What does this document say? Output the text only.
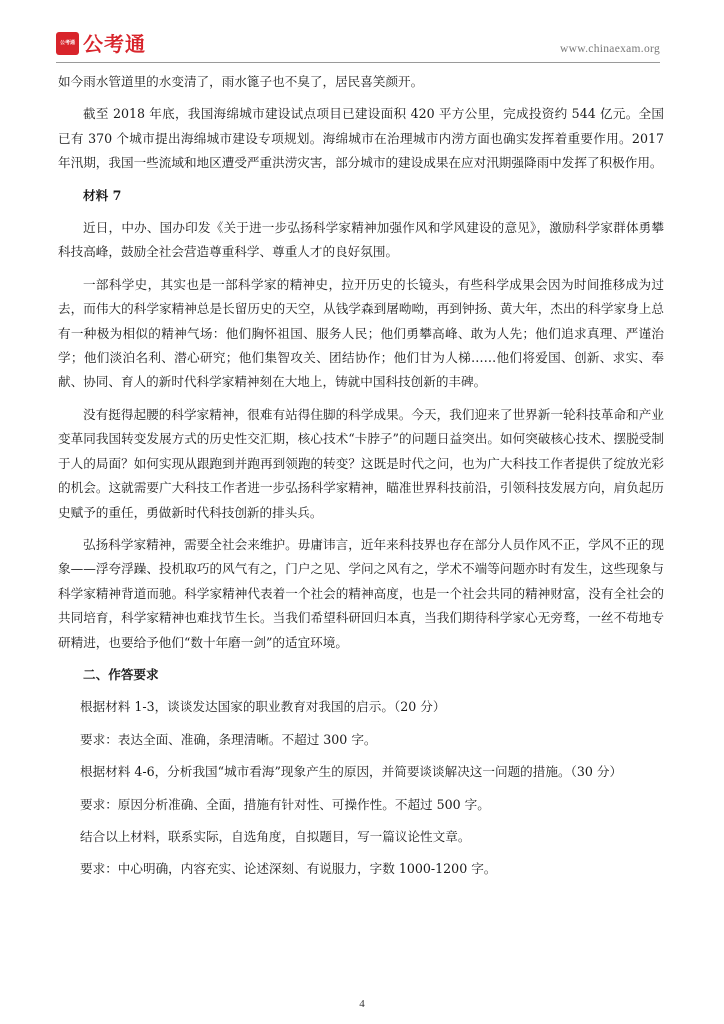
公考通 公考通	www.chinaexam.org

如今雨水管道里的水变清了，雨水篦子也不臭了，居民喜笑颜开。

截至 2018 年底，我国海绵城市建设试点项目已建设面积 420 平方公里，完成投资约 544 亿元。全国已有 370 个城市提出海绵城市建设专项规划。海绵城市在治理城市内涝方面也确实发挥着重要作用。2017 年汛期，我国一些流域和地区遭受严重洪涝灾害，部分城市的建设成果在应对汛期强降雨中发挥了积极作用。

材料 7

近日，中办、国办印发《关于进一步弘扬科学家精神加强作风和学风建设的意见》，激励科学家群体勇攀科技高峰，鼓励全社会营造尊重科学、尊重人才的良好氛围。

一部科学史，其实也是一部科学家的精神史，拉开历史的长镜头，有些科学成果会因为时间推移成为过去，而伟大的科学家精神总是长留历史的天空，从钱学森到屠呦呦，再到钟扬、黄大年，杰出的科学家身上总有一种极为相似的精神气场：他们胸怀祖国、服务人民；他们勇攀高峰、敢为人先；他们追求真理、严谨治学；他们淡泊名利、潜心研究；他们集智攻关、团结协作；他们甘为人梯……他们将爱国、创新、求实、奉献、协同、育人的新时代科学家精神刻在大地上，铸就中国科技创新的丰碑。

没有挺得起腰的科学家精神，很难有站得住脚的科学成果。今天，我们迎来了世界新一轮科技革命和产业变革同我国转变发展方式的历史性交汇期，核心技术“卡脖子”的问题日益突出。如何突破核心技术、摆脱受制于人的局面？如何实现从跟跑到并跑再到领跑的转变？这既是时代之问，也为广大科技工作者提供了绽放光彩的机会。这就需要广大科技工作者进一步弘扬科学家精神，瞄准世界科技前沿，引领科技发展方向，肩负起历史赋予的重任，勇做新时代科技创新的排头兵。

弘扬科学家精神，需要全社会来维护。毋庸讳言，近年来科技界也存在部分人员作风不正，学风不正的现象——浮夸浮躁、投机取巧的风气有之，门户之见、学问之风有之，学术不端等问题亦时有发生，这些现象与科学家精神背道而驰。科学家精神代表着一个社会的精神高度，也是一个社会共同的精神财富，没有全社会的共同培育，科学家精神也难找节生长。当我们希望科研回归本真，当我们期待科学家心无旁骛，一丝不苟地专研精进，也要给予他们“数十年磨一剑”的适宜环境。

二、作答要求

根据材料 1-3，谈谈发达国家的职业教育对我国的启示。（20 分）

要求：表达全面、准确，条理清晰。不超过 300 字。

根据材料 4-6，分析我国“城市看海”现象产生的原因，并简要谈谈解决这一问题的措施。（30 分）

要求：原因分析准确、全面，措施有针对性、可操作性。不超过 500 字。

结合以上材料，联系实际，自选角度，自拟题目，写一篇议论性文章。

要求：中心明确，内容充实、论述深刻、有说服力，字数 1000-1200 字。

4
